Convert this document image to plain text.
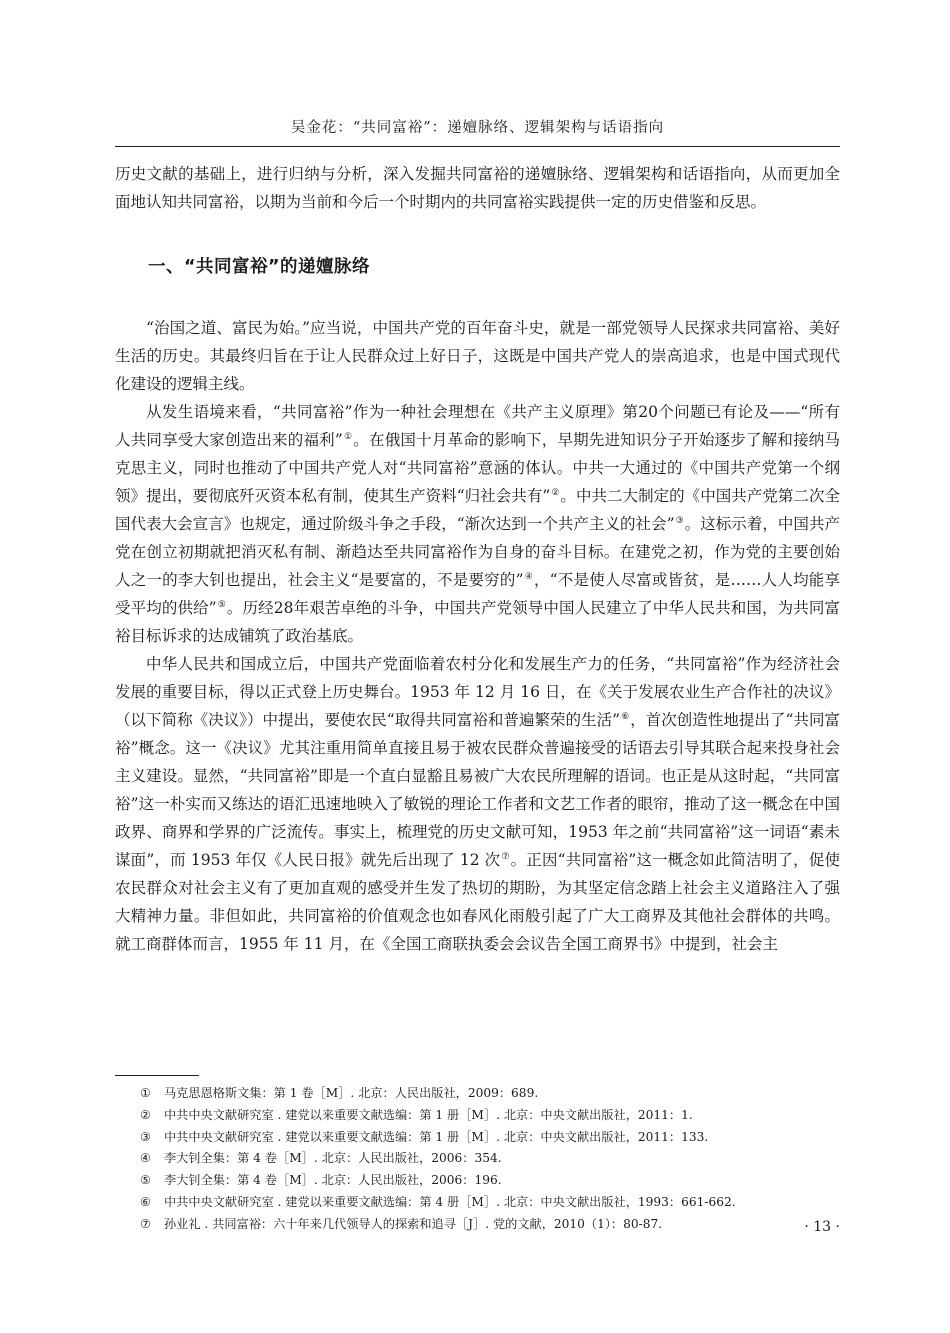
吴金花：“共同富裕”：递嬗脉络、逻辑架构与话语指向

历史文献的基础上，进行归纳与分析，深入发掘共同富裕的递嬗脉络、逻辑架构和话语指向，从而更加全面地认知共同富裕，以期为当前和今后一个时期内的共同富裕实践提供一定的历史借鉴和反思。

一、“共同富裕”的递嬗脉络

“治国之道、富民为始。”应当说，中国共产党的百年奋斗史，就是一部党领导人民探求共同富裕、美好生活的历史。其最终归旨在于让人民群众过上好日子，这既是中国共产党人的崇高追求，也是中国式现代化建设的逻辑主线。

从发生语境来看，“共同富裕”作为一种社会理想在《共产主义原理》第20个问题已有论及——“所有人共同享受大家创造出来的福利”①。在俄国十月革命的影响下，早期先进知识分子开始逐步了解和接纳马克思主义，同时也推动了中国共产党人对“共同富裕”意涵的体认。中共一大通过的《中国共产党第一个纲领》提出，要彻底歼灭资本私有制，使其生产资料“归社会共有”②。中共二大制定的《中国共产党第二次全国代表大会宣言》也规定，通过阶级斗争之手段，“渐次达到一个共产主义的社会”③。这标示着，中国共产党在创立初期就把消灭私有制、渐趋达至共同富裕作为自身的奋斗目标。在建党之初，作为党的主要创始人之一的李大钊也提出，社会主义“是要富的，不是要穷的”④，“不是使人尽富或皆贫，是……人人均能享受平均的供给”⑤。历经28年艰苦卓绝的斗争，中国共产党领导中国人民建立了中华人民共和国，为共同富裕目标诉求的达成铺筑了政治基底。

中华人民共和国成立后，中国共产党面临着农村分化和发展生产力的任务，“共同富裕”作为经济社会发展的重要目标，得以正式登上历史舞台。1953 年 12 月 16 日，在《关于发展农业生产合作社的决议》（以下简称《决议》）中提出，要使农民“取得共同富裕和普遍繁荣的生活”⑥，首次创造性地提出了“共同富裕”概念。这一《决议》尤其注重用简单直接且易于被农民群众普遍接受的话语去引导其联合起来投身社会主义建设。显然，“共同富裕”即是一个直白显豁且易被广大农民所理解的语词。也正是从这时起，“共同富裕”这一朴实而又练达的语汇迅速地映入了敏锐的理论工作者和文艺工作者的眼帘，推动了这一概念在中国政界、商界和学界的广泛流传。事实上，梳理党的历史文献可知，1953 年之前“共同富裕”这一词语“素未谋面”，而 1953 年仅《人民日报》就先后出现了 12 次⑦。正因“共同富裕”这一概念如此简洁明了，促使农民群众对社会主义有了更加直观的感受并生发了热切的期盼，为其坚定信念踏上社会主义道路注入了强大精神力量。非但如此，共同富裕的价值观念也如春风化雨般引起了广大工商界及其他社会群体的共鸣。就工商群体而言，1955 年 11 月，在《全国工商联执委会会议告全国工商界书》中提到，社会主

① 马克思恩格斯文集：第 1 卷［M］. 北京：人民出版社，2009：689.
② 中共中央文献研究室 . 建党以来重要文献选编：第 1 册［M］. 北京：中央文献出版社，2011：1.
③ 中共中央文献研究室 . 建党以来重要文献选编：第 1 册［M］. 北京：中央文献出版社，2011：133.
④ 李大钊全集：第 4 卷［M］. 北京：人民出版社，2006：354.
⑤ 李大钊全集：第 4 卷［M］. 北京：人民出版社，2006：196.
⑥ 中共中央文献研究室 . 建党以来重要文献选编：第 4 册［M］. 北京：中央文献出版社，1993：661-662.
⑦ 孙业礼 . 共同富裕：六十年来几代领导人的探索和追寻［J］. 党的文献，2010（1）：80-87.	· 13 ·
